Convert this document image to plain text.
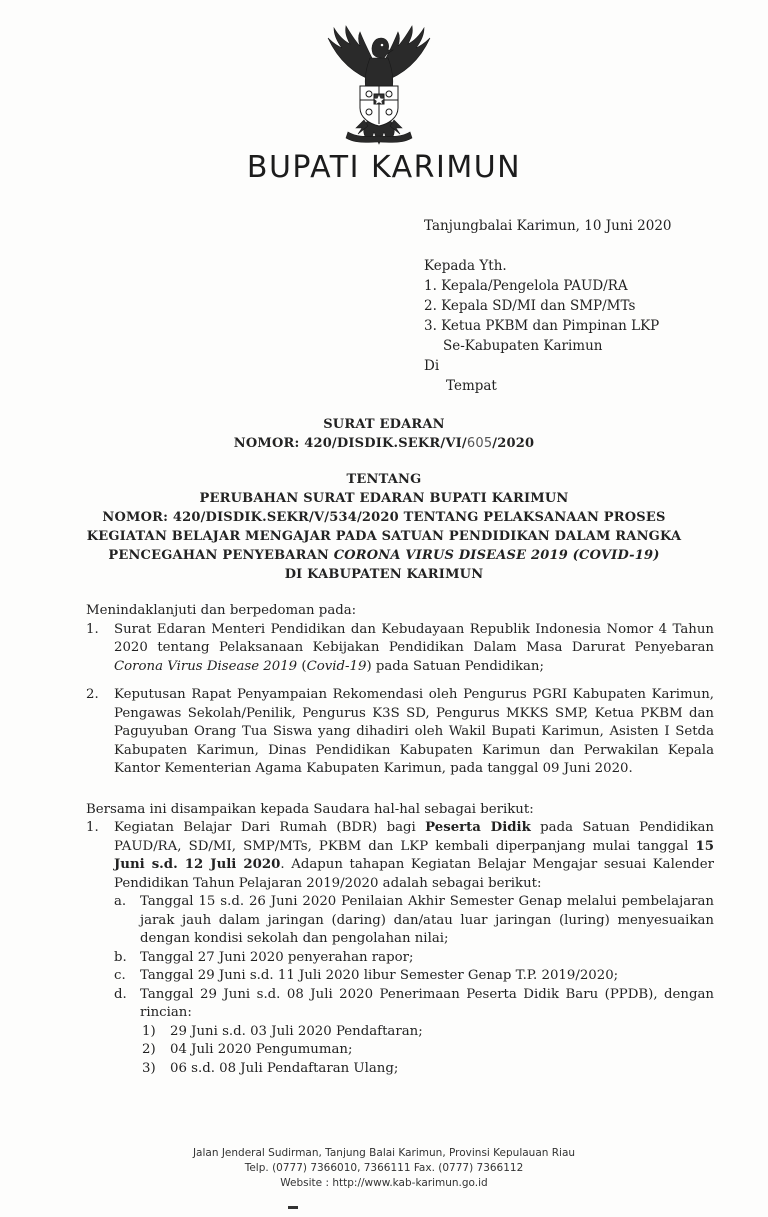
BUPATI KARIMUN
Tanjungbalai Karimun, 10 Juni 2020
Kepada Yth.
1. Kepala/Pengelola PAUD/RA
2. Kepala SD/MI dan SMP/MTs
3. Ketua PKBM dan Pimpinan LKP
Se-Kabupaten Karimun
Di
Tempat
SURAT EDARAN
NOMOR: 420/DISDIK.SEKR/VI/605/2020
TENTANG
PERUBAHAN SURAT EDARAN BUPATI KARIMUN
NOMOR: 420/DISDIK.SEKR/V/534/2020 TENTANG PELAKSANAAN PROSES
KEGIATAN BELAJAR MENGAJAR PADA SATUAN PENDIDIKAN DALAM RANGKA
PENCEGAHAN PENYEBARAN CORONA VIRUS DISEASE 2019 (COVID-19)
DI KABUPATEN KARIMUN

Menindaklanjuti dan berpedoman pada:

1. Surat Edaran Menteri Pendidikan dan Kebudayaan Republik Indonesia Nomor 4 Tahun 2020 tentang Pelaksanaan Kebijakan Pendidikan Dalam Masa Darurat Penyebaran Corona Virus Disease 2019 (Covid-19) pada Satuan Pendidikan;
2. Keputusan Rapat Penyampaian Rekomendasi oleh Pengurus PGRI Kabupaten Karimun, Pengawas Sekolah/Penilik, Pengurus K3S SD, Pengurus MKKS SMP, Ketua PKBM dan Paguyuban Orang Tua Siswa yang dihadiri oleh Wakil Bupati Karimun, Asisten I Setda Kabupaten Karimun, Dinas Pendidikan Kabupaten Karimun dan Perwakilan Kepala Kantor Kementerian Agama Kabupaten Karimun, pada tanggal 09 Juni 2020.

Bersama ini disampaikan kepada Saudara hal-hal sebagai berikut:

1. Kegiatan Belajar Dari Rumah (BDR) bagi Peserta Didik pada Satuan Pendidikan PAUD/RA, SD/MI, SMP/MTs, PKBM dan LKP kembali diperpanjang mulai tanggal 15 Juni s.d. 12 Juli 2020. Adapun tahapan Kegiatan Belajar Mengajar sesuai Kalender Pendidikan Tahun Pelajaran 2019/2020 adalah sebagai berikut:
a. Tanggal 15 s.d. 26 Juni 2020 Penilaian Akhir Semester Genap melalui pembelajaran jarak jauh dalam jaringan (daring) dan/atau luar jaringan (luring) menyesuaikan dengan kondisi sekolah dan pengolahan nilai;
b. Tanggal 27 Juni 2020 penyerahan rapor;
c. Tanggal 29 Juni s.d. 11 Juli 2020 libur Semester Genap T.P. 2019/2020;
d. Tanggal 29 Juni s.d. 08 Juli 2020 Penerimaan Peserta Didik Baru (PPDB), dengan rincian:
1) 29 Juni s.d. 03 Juli 2020 Pendaftaran;
2) 04 Juli 2020 Pengumuman;
3) 06 s.d. 08 Juli Pendaftaran Ulang;
Jalan Jenderal Sudirman, Tanjung Balai Karimun, Provinsi Kepulauan Riau
Telp. (0777) 7366010, 7366111 Fax. (0777) 7366112
Website : http://www.kab-karimun.go.id
